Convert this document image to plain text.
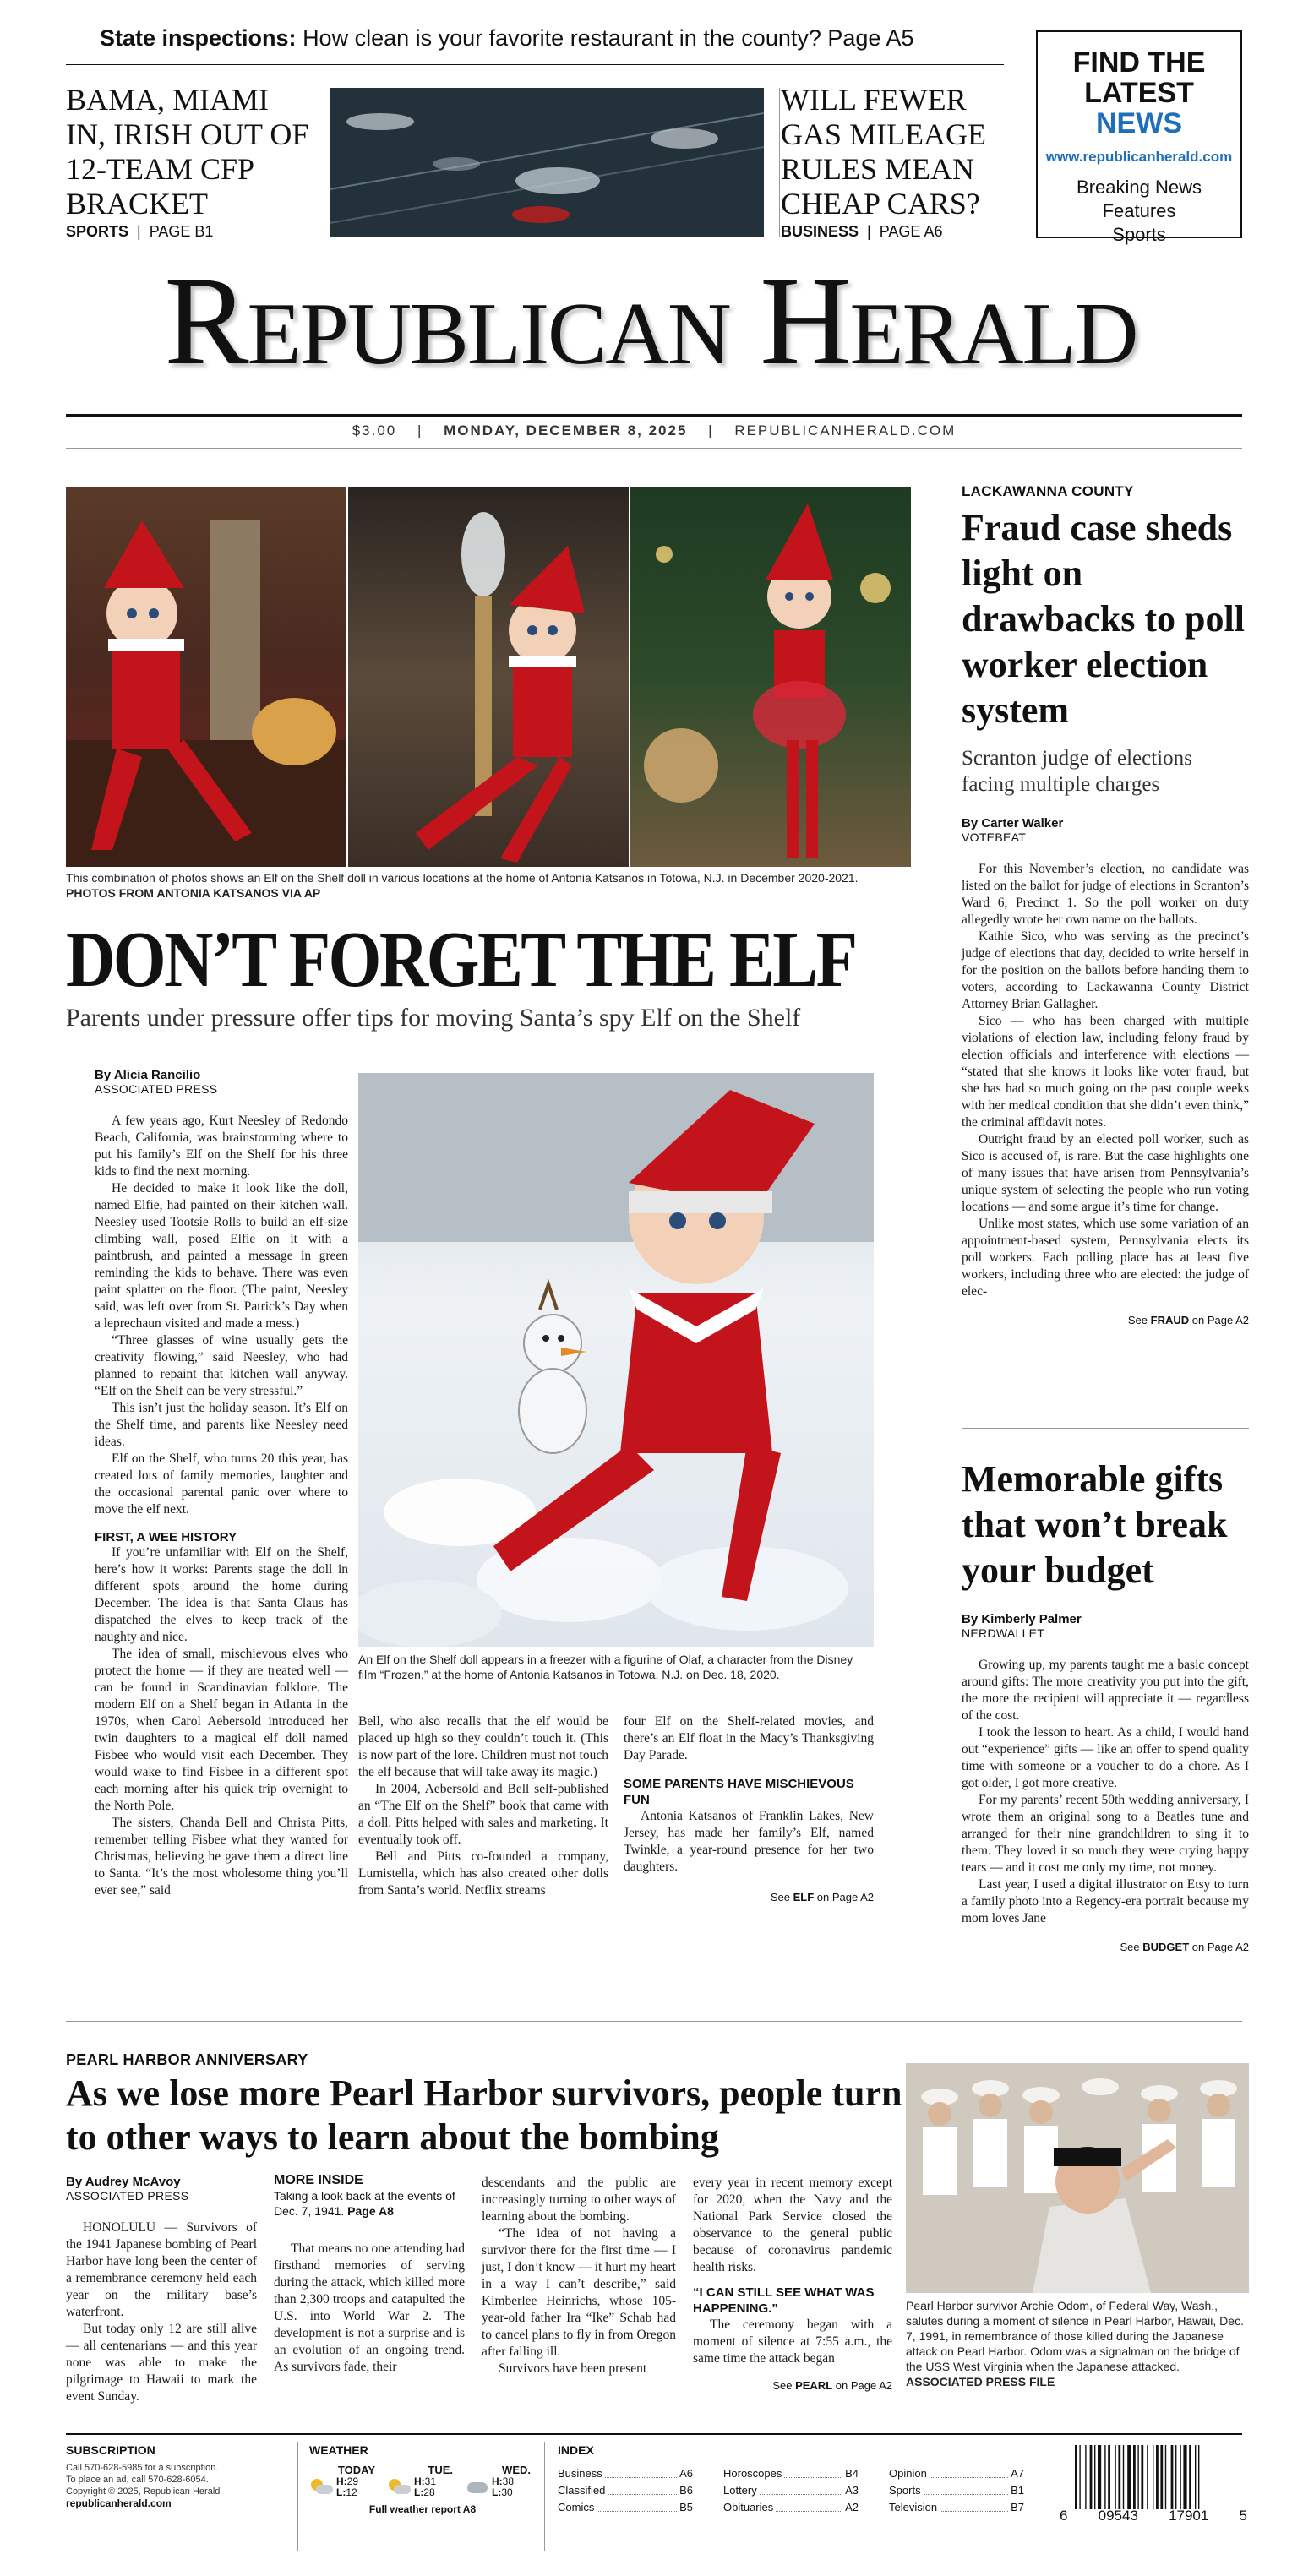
State inspections: How clean is your favorite restaurant in the county? Page A5
BAMA, MIAMI IN, IRISH OUT OF 12-TEAM CFP BRACKET
SPORTS | PAGE B1
WILL FEWER GAS MILEAGE RULES MEAN CHEAP CARS?
BUSINESS | PAGE A6
FIND THE
LATEST NEWS
www.republicanherald.com
Breaking News
Features
Sports
Republican Herald
$3.00 | MONDAY, DECEMBER 8, 2025 | REPUBLICANHERALD.COM
This combination of photos shows an Elf on the Shelf doll in various locations at the home of Antonia Katsanos in Totowa, N.J. in December 2020-2021. PHOTOS FROM ANTONIA KATSANOS VIA AP
DON’T FORGET THE ELF
Parents under pressure offer tips for moving Santa’s spy Elf on the Shelf
By Alicia Rancilio
ASSOCIATED PRESS

A few years ago, Kurt Neesley of Redondo Beach, California, was brainstorming where to put his family’s Elf on the Shelf for his three kids to find the next morning.

He decided to make it look like the doll, named Elfie, had painted on their kitchen wall. Neesley used Tootsie Rolls to build an elf-size climbing wall, posed Elfie on it with a paintbrush, and painted a message in green reminding the kids to behave. There was even paint splatter on the floor. (The paint, Neesley said, was left over from St. Patrick’s Day when a leprechaun visited and made a mess.)

“Three glasses of wine usually gets the creativity flowing,” said Neesley, who had planned to repaint that kitchen wall anyway. “Elf on the Shelf can be very stressful.”

This isn’t just the holiday season. It’s Elf on the Shelf time, and parents like Neesley need ideas.

Elf on the Shelf, who turns 20 this year, has created lots of family memories, laughter and the occasional parental panic over where to move the elf next.

FIRST, A WEE HISTORY

If you’re unfamiliar with Elf on the Shelf, here’s how it works: Parents stage the doll in different spots around the home during December. The idea is that Santa Claus has dispatched the elves to keep track of the naughty and nice.

The idea of small, mischievous elves who protect the home — if they are treated well — can be found in Scandinavian folklore. The modern Elf on a Shelf began in Atlanta in the 1970s, when Carol Aebersold introduced her twin daughters to a magical elf doll named Fisbee who would visit each December. They would wake to find Fisbee in a different spot each morning after his quick trip overnight to the North Pole.

The sisters, Chanda Bell and Christa Pitts, remember telling Fisbee what they wanted for Christmas, believing he gave them a direct line to Santa. “It’s the most wholesome thing you’ll ever see,” said

An Elf on the Shelf doll appears in a freezer with a figurine of Olaf, a character from the Disney film “Frozen,” at the home of Antonia Katsanos in Totowa, N.J. on Dec. 18, 2020.

Bell, who also recalls that the elf would be placed up high so they couldn’t touch it. (This is now part of the lore. Children must not touch the elf because that will take away its magic.)

In 2004, Aebersold and Bell self-published an “The Elf on the Shelf” book that came with a doll. Pitts helped with sales and marketing. It eventually took off.

Bell and Pitts co-founded a company, Lumistella, which has also created other dolls from Santa’s world. Netflix streams

four Elf on the Shelf-related movies, and there’s an Elf float in the Macy’s Thanksgiving Day Parade.

SOME PARENTS HAVE MISCHIEVOUS FUN

Antonia Katsanos of Franklin Lakes, New Jersey, has made her family’s Elf, named Twinkle, a year-round presence for her two daughters.

See ELF on Page A2
LACKAWANNA COUNTY
Fraud case sheds light on drawbacks to poll worker election system
Scranton judge of elections facing multiple charges
By Carter Walker
VOTEBEAT

For this November’s election, no candidate was listed on the ballot for judge of elections in Scranton’s Ward 6, Precinct 1. So the poll worker on duty allegedly wrote her own name on the ballots.

Kathie Sico, who was serving as the precinct’s judge of elections that day, decided to write herself in for the position on the ballots before handing them to voters, according to Lackawanna County District Attorney Brian Gallagher.

Sico — who has been charged with multiple violations of election law, including felony fraud by election officials and interference with elections — “stated that she knows it looks like voter fraud, but she has had so much going on the past couple weeks with her medical condition that she didn’t even think,” the criminal affidavit notes.

Outright fraud by an elected poll worker, such as Sico is accused of, is rare. But the case highlights one of many issues that have arisen from Pennsylvania’s unique system of selecting the people who run voting locations — and some argue it’s time for change.

Unlike most states, which use some variation of an appointment-based system, Pennsylvania elects its poll workers. Each polling place has at least five workers, including three who are elected: the judge of elec-

See FRAUD on Page A2
Memorable gifts that won’t break your budget
By Kimberly Palmer
NERDWALLET

Growing up, my parents taught me a basic concept around gifts: The more creativity you put into the gift, the more the recipient will appreciate it — regardless of the cost.

I took the lesson to heart. As a child, I would hand out “experience” gifts — like an offer to spend quality time with someone or a voucher to do a chore. As I got older, I got more creative.

For my parents’ recent 50th wedding anniversary, I wrote them an original song to a Beatles tune and arranged for their nine grandchildren to sing it to them. They loved it so much they were crying happy tears — and it cost me only my time, not money.

Last year, I used a digital illustrator on Etsy to turn a family photo into a Regency-era portrait because my mom loves Jane

See BUDGET on Page A2
PEARL HARBOR ANNIVERSARY
As we lose more Pearl Harbor survivors, people turn to other ways to learn about the bombing
By Audrey McAvoy
ASSOCIATED PRESS

HONOLULU — Survivors of the 1941 Japanese bombing of Pearl Harbor have long been the center of a remembrance ceremony held each year on the military base’s waterfront.

But today only 12 are still alive — all centenarians — and this year none was able to make the pilgrimage to Hawaii to mark the event Sunday.

MORE INSIDE
Taking a look back at the events of Dec. 7, 1941. Page A8

That means no one attending had firsthand memories of serving during the attack, which killed more than 2,300 troops and catapulted the U.S. into World War 2. The development is not a surprise and is an evolution of an ongoing trend. As survivors fade, their

descendants and the public are increasingly turning to other ways of learning about the bombing.

“The idea of not having a survivor there for the first time — I just, I don’t know — it hurt my heart in a way I can’t describe,” said Kimberlee Heinrichs, whose 105-year-old father Ira “Ike” Schab had to cancel plans to fly in from Oregon after falling ill.

Survivors have been present

every year in recent memory except for 2020, when the Navy and the National Park Service closed the observance to the general public because of coronavirus pandemic health risks.

“I CAN STILL SEE WHAT WAS HAPPENING.”

The ceremony began with a moment of silence at 7:55 a.m., the same time the attack began

See PEARL on Page A2
Pearl Harbor survivor Archie Odom, of Federal Way, Wash., salutes during a moment of silence in Pearl Harbor, Hawaii, Dec. 7, 1991, in remembrance of those killed during the Japanese attack on Pearl Harbor. Odom was a signalman on the bridge of the USS West Virginia when the Japanese attacked. ASSOCIATED PRESS FILE
SUBSCRIPTION
Call 570-628-5985 for a subscription.
To place an ad, call 570-628-6054.
Copyright © 2025, Republican Herald
republicanherald.com
WEATHER
TODAY
H:29
L:12
TUE.
H:31
L:28
WED.
H:38
L:30
Full weather report A8
INDEX
Business	A6
Classified	B6
Comics	B5
Horoscopes	B4
Lottery	A3
Obituaries	A2
Opinion	A7
Sports	B1
Television	B7
6 09543 17901 5
